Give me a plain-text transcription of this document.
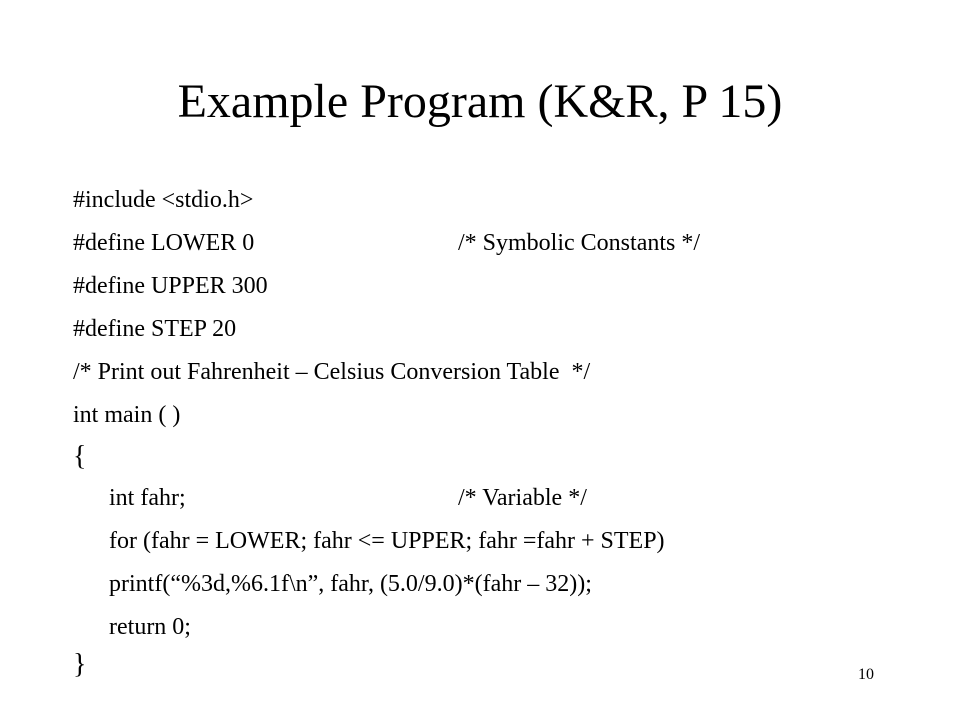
Example Program (K&R, P 15)
#include <stdio.h>
#define LOWER 0	/* Symbolic Constants */
#define UPPER 300
#define STEP 20
/* Print out Fahrenheit – Celsius Conversion Table  */
int main ( )
{
int fahr;	/* Variable */
for (fahr = LOWER; fahr <= UPPER; fahr =fahr + STEP)
printf(“%3d,%6.1f\n”, fahr, (5.0/9.0)*(fahr – 32));
return 0;
}	10
